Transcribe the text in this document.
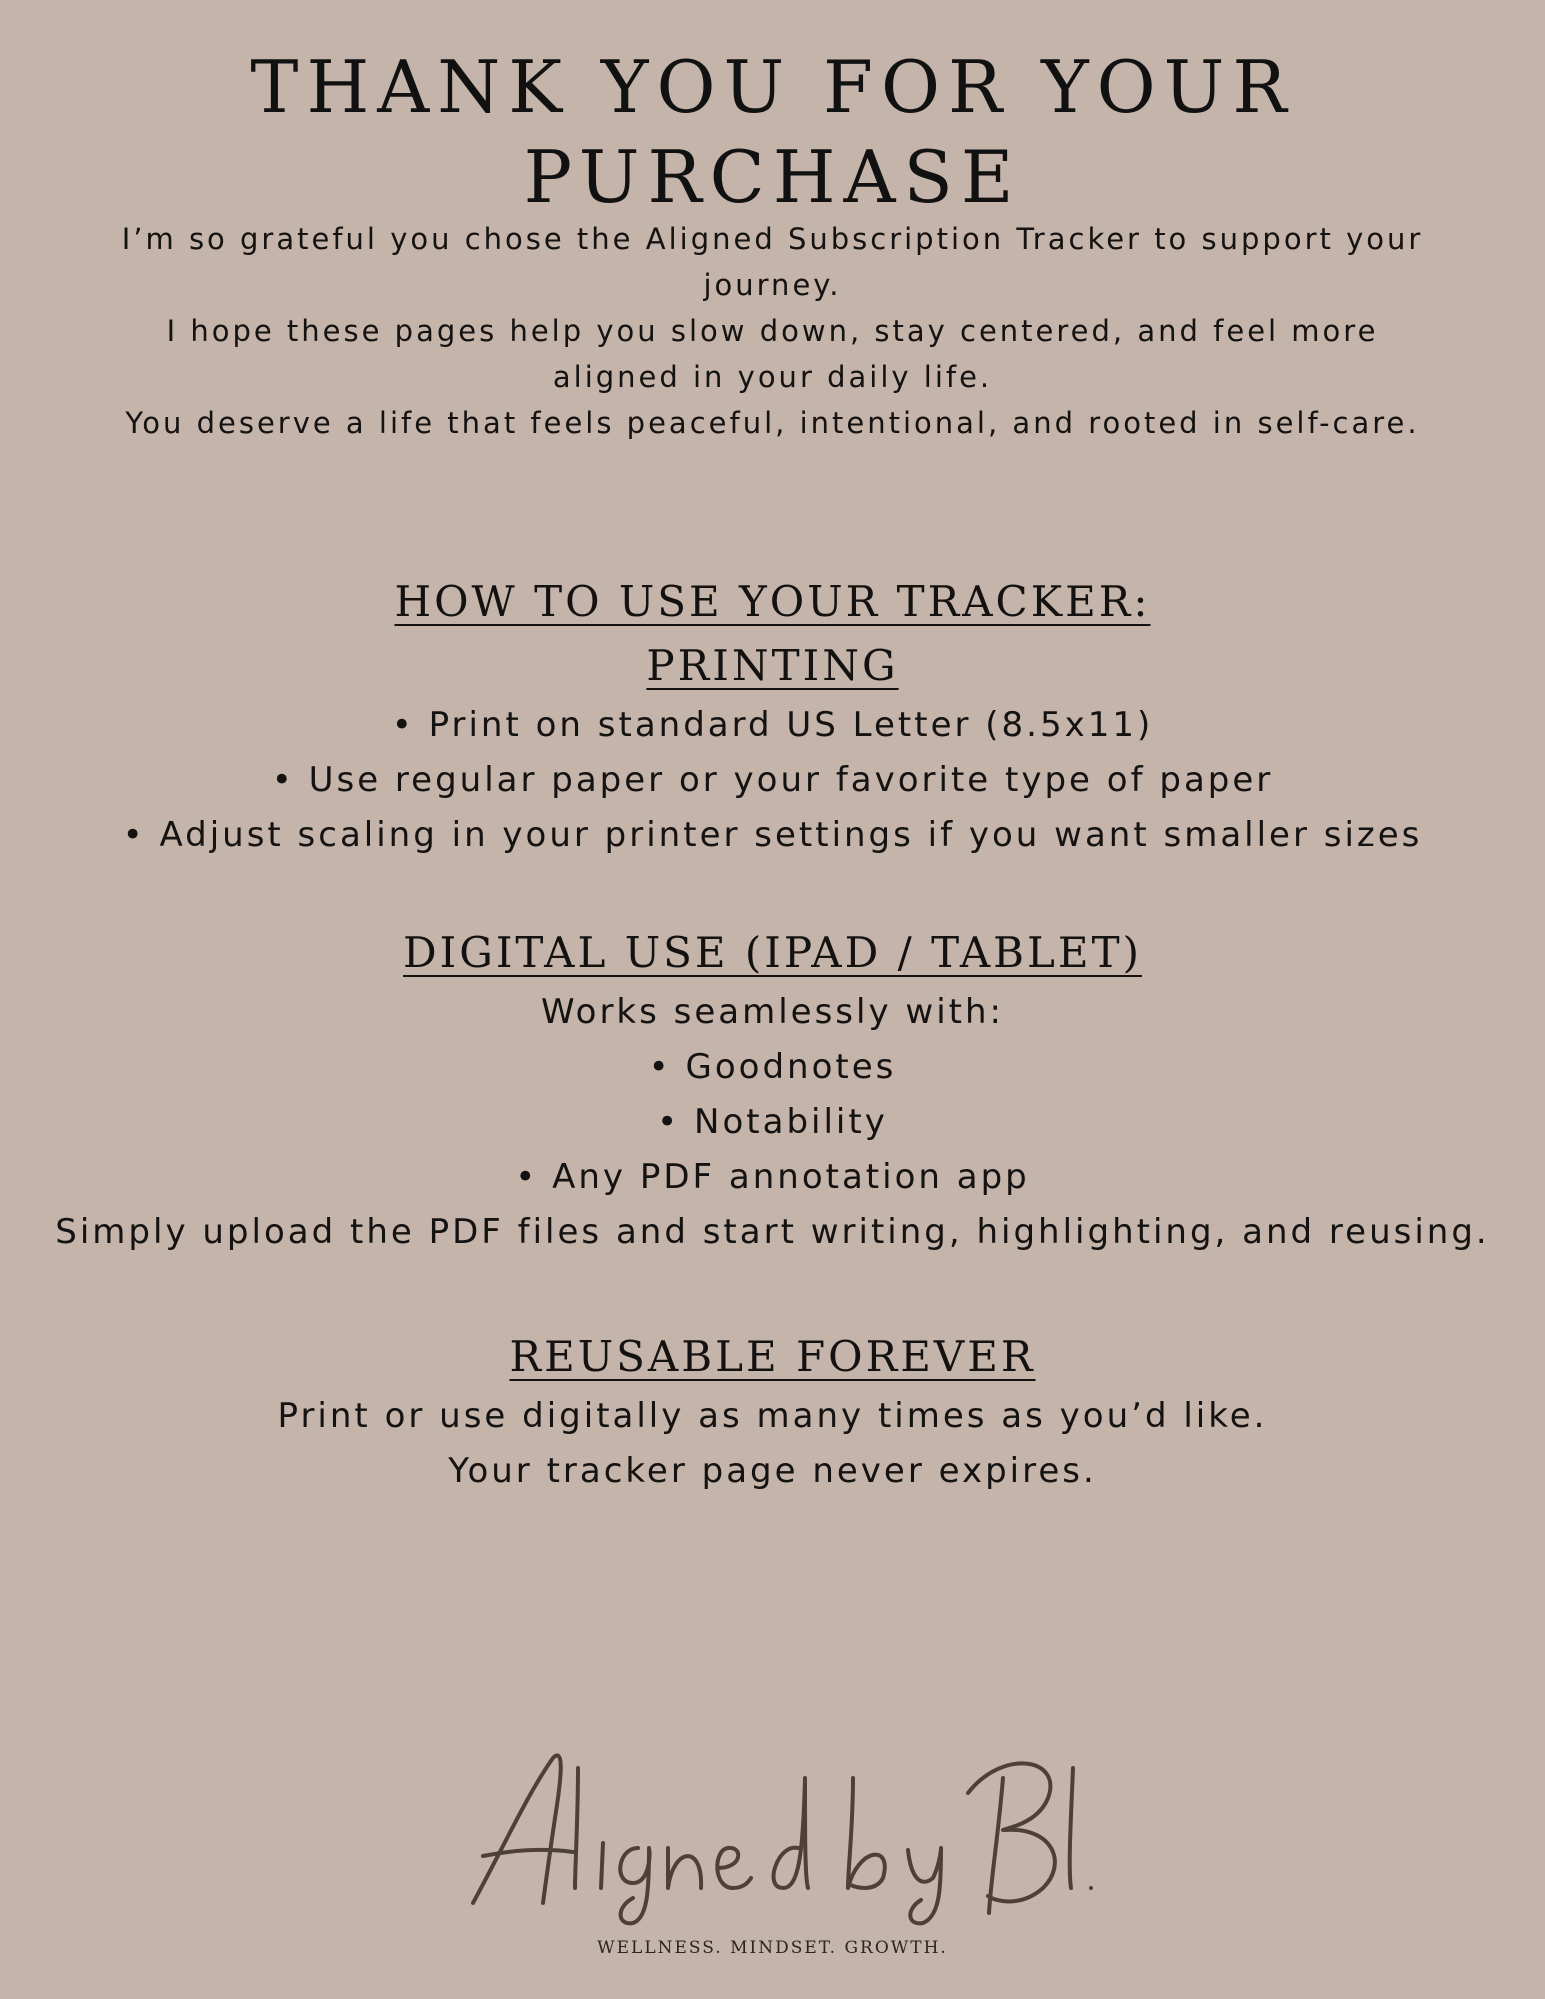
THANK YOU FOR YOUR PURCHASE
I’m so grateful you chose the Aligned Subscription Tracker to support your journey.
I hope these pages help you slow down, stay centered, and feel more aligned in your daily life.
You deserve a life that feels peaceful, intentional, and rooted in self-care.
HOW TO USE YOUR TRACKER:
PRINTING
• Print on standard US Letter (8.5x11)
• Use regular paper or your favorite type of paper
• Adjust scaling in your printer settings if you want smaller sizes
DIGITAL USE (IPAD / TABLET)
Works seamlessly with:
• Goodnotes
• Notability
• Any PDF annotation app
Simply upload the PDF files and start writing, highlighting, and reusing.
REUSABLE FOREVER
Print or use digitally as many times as you’d like.
Your tracker page never expires.
WELLNESS. MINDSET. GROWTH.
